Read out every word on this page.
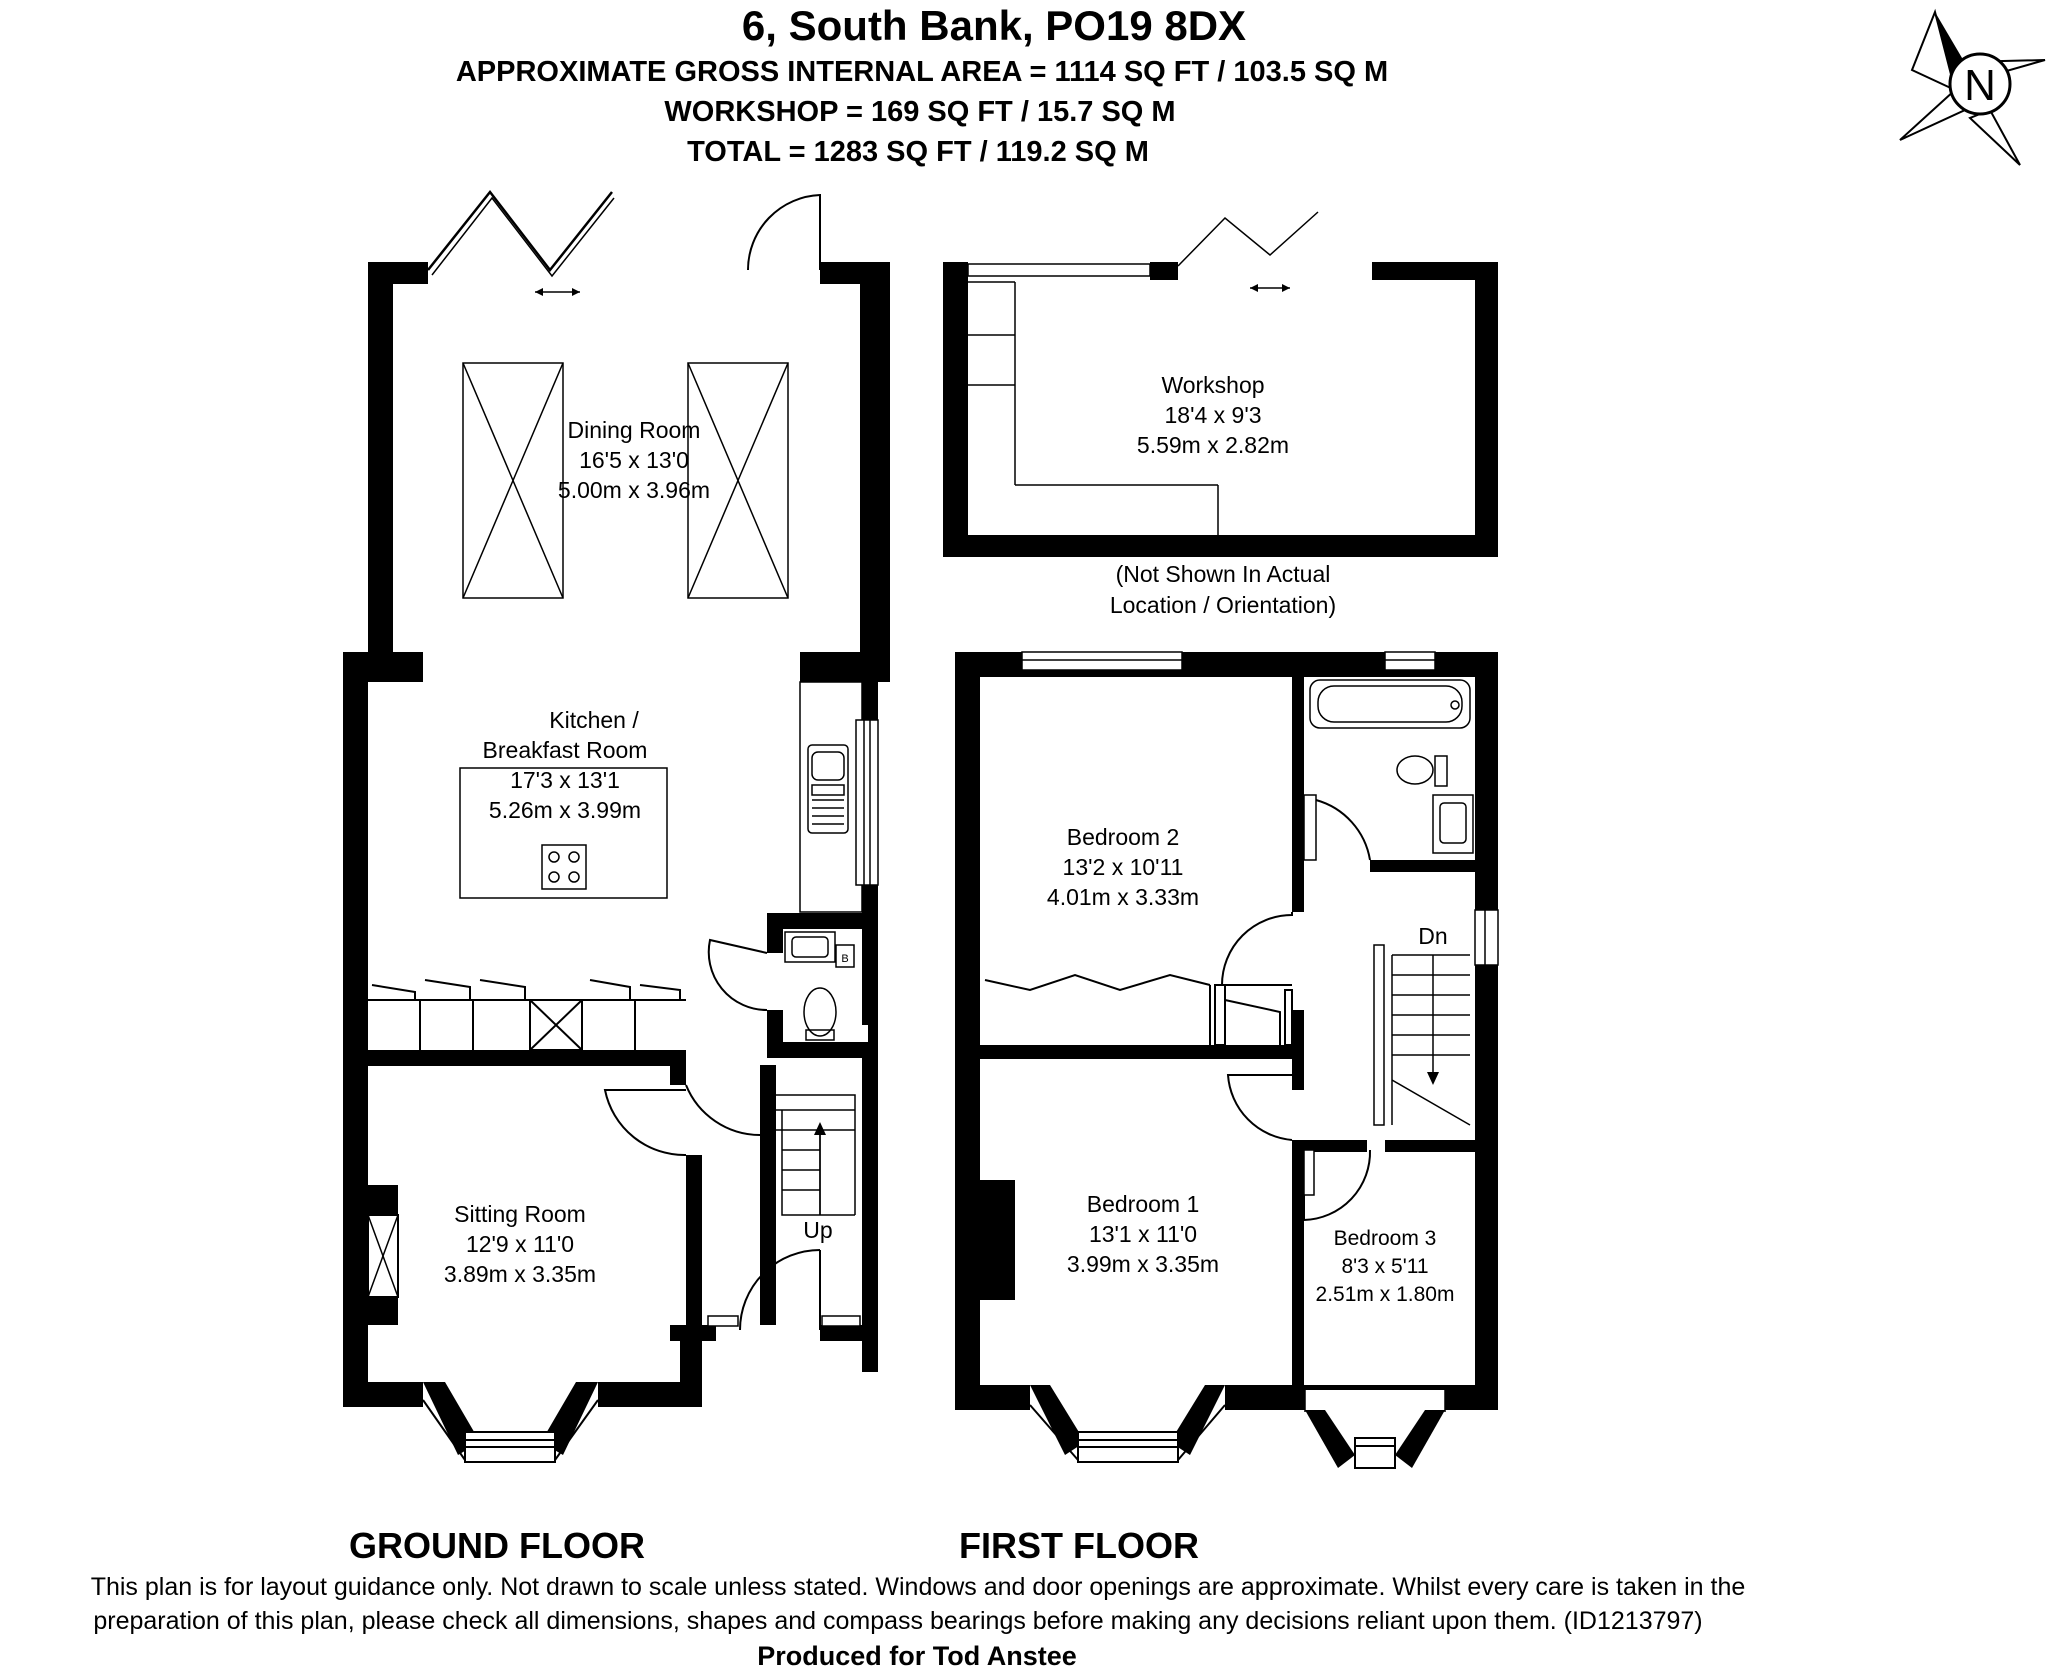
6, South Bank, PO19 8DX
APPROXIMATE GROSS INTERNAL AREA = 1114 SQ FT / 103.5 SQ M
WORKSHOP = 169 SQ FT / 15.7 SQ M
TOTAL = 1283 SQ FT / 119.2 SQ M
N
B
Dining Room
16'5 x 13'0
5.00m x 3.96m
Kitchen /
Breakfast Room
17'3 x 13'1
5.26m x 3.99m
Sitting Room
12'9 x 11'0
3.89m x 3.35m
Workshop
18'4 x 9'3
5.59m x 2.82m
(Not Shown In Actual
Location / Orientation)
Bedroom 2
13'2 x 10'11
4.01m x 3.33m
Bedroom 1
13'1 x 11'0
3.99m x 3.35m
Up
Dn
Bedroom 3
8'3 x 5'11
2.51m x 1.80m
GROUND FLOOR	FIRST FLOOR
This plan is for layout guidance only. Not drawn to scale unless stated. Windows and door openings are approximate. Whilst every care is taken in the
preparation of this plan, please check all dimensions, shapes and compass bearings before making any decisions reliant upon them. (ID1213797)
Produced for Tod Anstee
